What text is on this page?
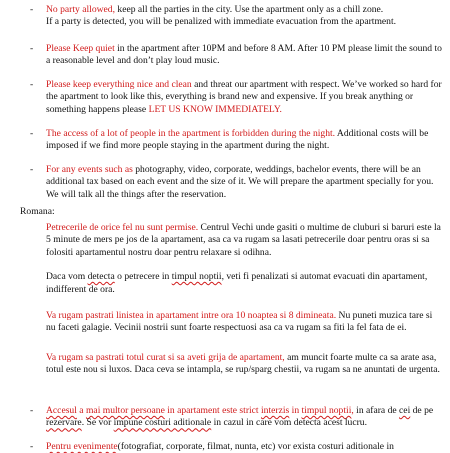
- No party allowed, keep all the parties in the city. Use the apartment only as a chill zone.
If a party is detected, you will be penalized with immediate evacuation from the apartment.
- Please Keep quiet in the apartment after 10PM and before 8 AM. After 10 PM please limit the sound to a reasonable level and don’t play loud music.
- Please keep everything nice and clean and threat our apartment with respect. We’ve worked so hard for the apartment to look like this, everything is brand new and expensive. If you break anything or something happens please LET US KNOW IMMEDIATELY.
- The access of a lot of people in the apartment is forbidden during the night. Additional costs will be imposed if we find more people staying in the apartment during the night.
- For any events such as photography, video, corporate, weddings, bachelor events, there will be an additional tax based on each event and the size of it. We will prepare the apartment specially for you. We will talk all the things after the reservation.
Romana:

Petrecerile de orice fel nu sunt permise. Centrul Vechi unde gasiti o multime de cluburi si baruri este la 5 minute de mers pe jos de la apartament, asa ca va rugam sa lasati petrecerile doar pentru oras si sa folositi apartamentul nostru doar pentru relaxare si odihna.

Daca vom detecta o petrecere in timpul noptii, veti fi penalizati si automat evacuati din apartament, indifferent de ora.

Va rugam pastrati linistea in apartament intre ora 10 noaptea si 8 dimineata. Nu puneti muzica tare si nu faceti galagie. Vecinii nostrii sunt foarte respectuosi asa ca va rugam sa fiti la fel fata de ei.
Va rugam sa pastrati totul curat si sa aveti grija de apartament, am muncit foarte multe ca sa arate asa, totul este nou si luxos. Daca ceva se intampla, se rup/sparg chestii, va rugam sa ne anuntati de urgenta.
- Accesul a mai multor persoane in apartament este strict interzis in timpul noptii, in afara de cei de pe rezervare. Se vor impune costuri aditionale in cazul in care vom detecta acest lucru.
- Pentru evenimente(fotografiat, corporate, filmat, nunta, etc) vor exista costuri aditionale in
